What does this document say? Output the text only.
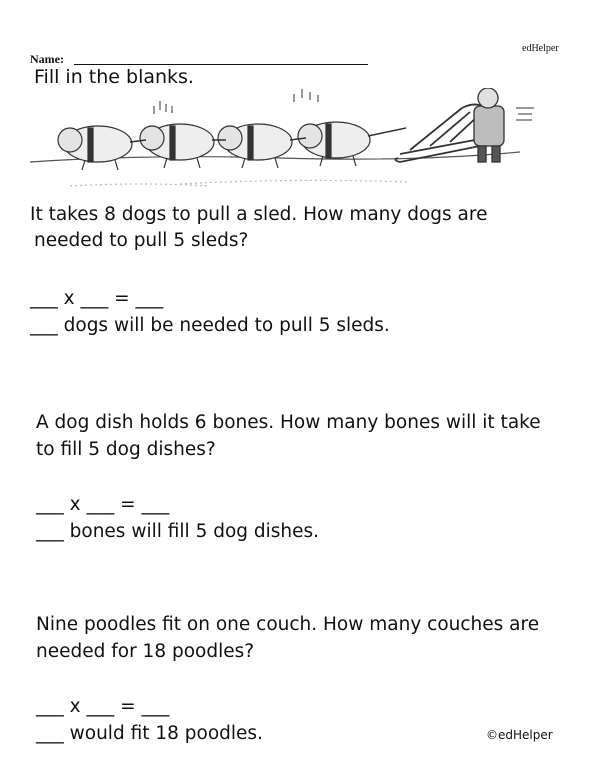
edHelper
Name:
Fill in the blanks.
It takes 8 dogs to pull a sled. How many dogs are
needed to pull 5 sleds?
___ x ___ = ___
___ dogs will be needed to pull 5 sleds.
A dog dish holds 6 bones. How many bones will it take
to fill 5 dog dishes?
___ x ___ = ___
___ bones will fill 5 dog dishes.
Nine poodles fit on one couch. How many couches are
needed for 18 poodles?
___ x ___ = ___
___ would fit 18 poodles.	©edHelper
